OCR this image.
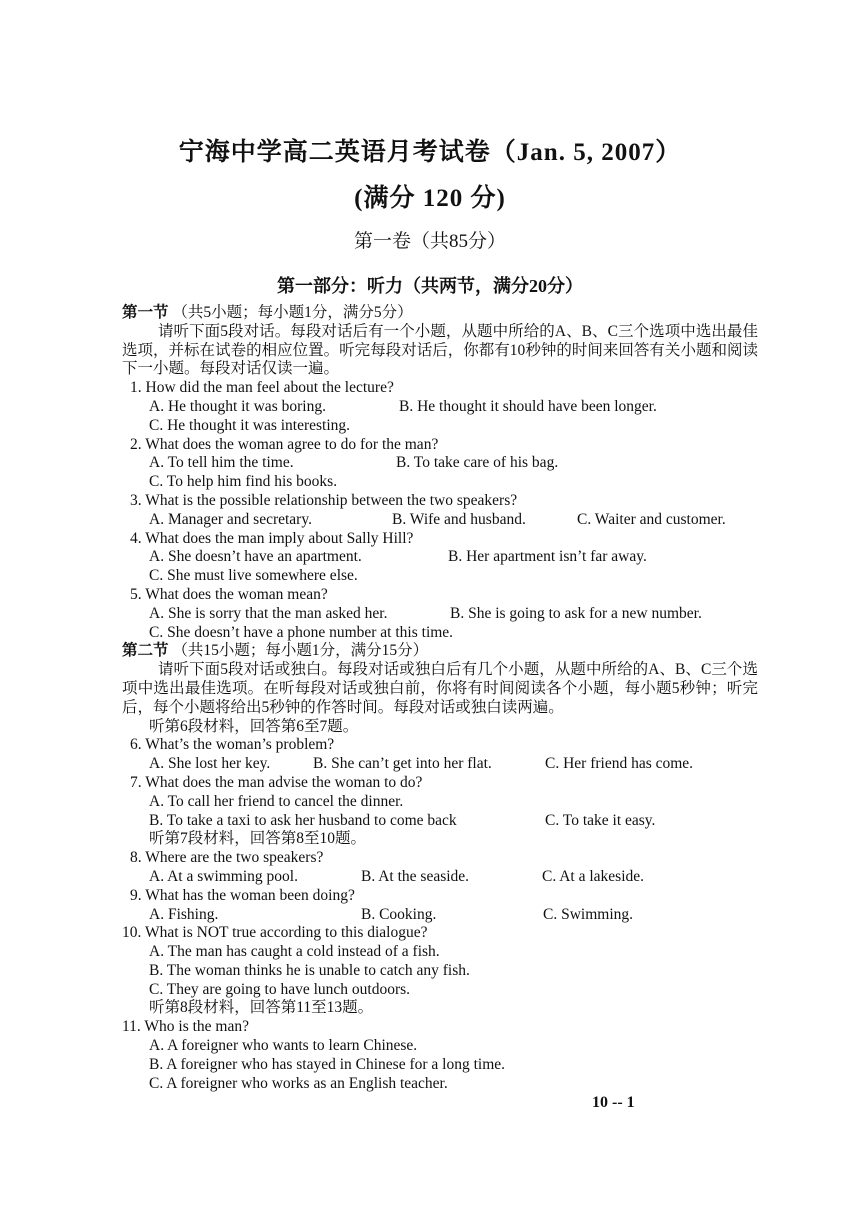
宁海中学高二英语月考试卷（Jan. 5, 2007）
(满分 120 分)
第一卷（共85分）
第一部分：听力（共两节，满分20分）
第一节 （共5小题；每小题1分，满分5分）
请听下面5段对话。每段对话后有一个小题，从题中所给的A、B、C三个选项中选出最佳选项，并标在试卷的相应位置。听完每段对话后，你都有10秒钟的时间来回答有关小题和阅读下一小题。每段对话仅读一遍。
1. How did the man feel about the lecture?
A. He thought it was boring.	B. He thought it should have been longer.
C. He thought it was interesting.
2. What does the woman agree to do for the man?
A. To tell him the time.	B. To take care of his bag.
C. To help him find his books.
3. What is the possible relationship between the two speakers?
A. Manager and secretary.	B. Wife and husband.	C. Waiter and customer.
4. What does the man imply about Sally Hill?
A. She doesn’t have an apartment.	B. Her apartment isn’t far away.
C. She must live somewhere else.
5. What does the woman mean?
A. She is sorry that the man asked her.	B. She is going to ask for a new number.
C. She doesn’t have a phone number at this time.
第二节 （共15小题；每小题1分，满分15分）
请听下面5段对话或独白。每段对话或独白后有几个小题，从题中所给的A、B、C三个选项中选出最佳选项。在听每段对话或独白前，你将有时间阅读各个小题，每小题5秒钟；听完后，每个小题将给出5秒钟的作答时间。每段对话或独白读两遍。
听第6段材料，回答第6至7题。
6. What’s the woman’s problem?
A. She lost her key.	B. She can’t get into her flat.	C. Her friend has come.
7. What does the man advise the woman to do?
A. To call her friend to cancel the dinner.
B. To take a taxi to ask her husband to come back	C. To take it easy.
听第7段材料，回答第8至10题。
8. Where are the two speakers?
A. At a swimming pool.	B. At the seaside.	C. At a lakeside.
9. What has the woman been doing?
A. Fishing.	B. Cooking.	C. Swimming.
10. What is NOT true according to this dialogue?
A. The man has caught a cold instead of a fish.
B. The woman thinks he is unable to catch any fish.
C. They are going to have lunch outdoors.
听第8段材料，回答第11至13题。
11. Who is the man?
A. A foreigner who wants to learn Chinese.
B. A foreigner who has stayed in Chinese for a long time.
C. A foreigner who works as an English teacher.
10 -- 1
